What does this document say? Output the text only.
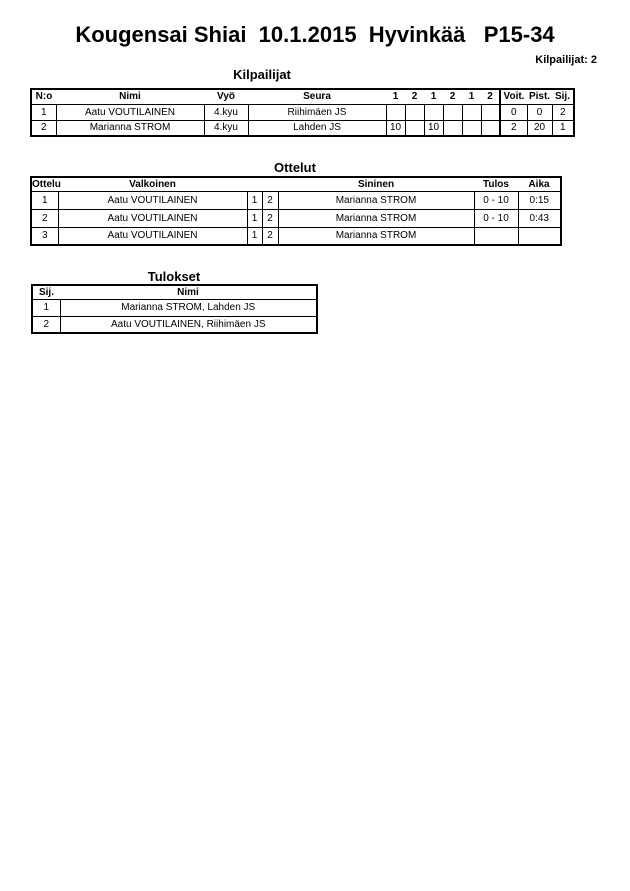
Kougensai Shiai  10.1.2015  Hyvinkää   P15-34
Kilpailijat: 2
Kilpailijat
N:o	Nimi	Vyö	Seura	1	2	1	2	1	2	Voit.	Pist.	Sij.
1	Aatu VOUTILAINEN	4.kyu	Riihimäen JS							0	0	2
2	Marianna STROM	4.kyu	Lahden JS	10		10				2	20	1
Ottelut
Ottelu	Valkoinen			Sininen	Tulos	Aika
1	Aatu VOUTILAINEN	1	2	Marianna STROM	0 - 10	0:15
2	Aatu VOUTILAINEN	1	2	Marianna STROM	0 - 10	0:43
3	Aatu VOUTILAINEN	1	2	Marianna STROM		
Tulokset
Sij.	Nimi
1	Marianna STROM, Lahden JS
2	Aatu VOUTILAINEN, Riihimäen JS
